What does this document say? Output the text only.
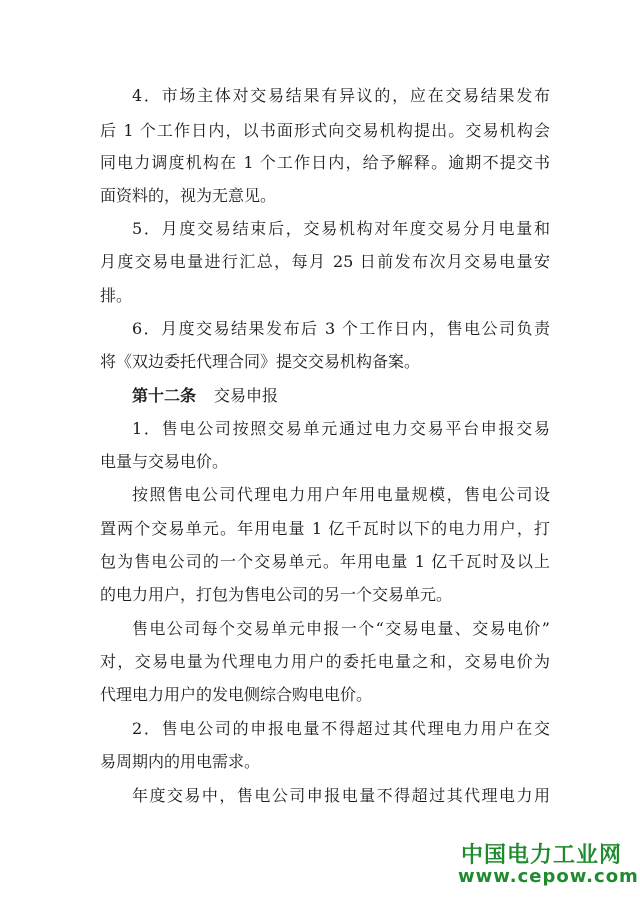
4．市场主体对交易结果有异议的，应在交易结果发布
后 1 个工作日内，以书面形式向交易机构提出。交易机构会
同电力调度机构在 1 个工作日内，给予解释。逾期不提交书
面资料的，视为无意见。
5．月度交易结束后，交易机构对年度交易分月电量和
月度交易电量进行汇总，每月 25 日前发布次月交易电量安
排。
6．月度交易结果发布后 3 个工作日内，售电公司负责
将《双边委托代理合同》提交交易机构备案。
第十二条 交易申报
1．售电公司按照交易单元通过电力交易平台申报交易
电量与交易电价。
按照售电公司代理电力用户年用电量规模，售电公司设
置两个交易单元。年用电量 1 亿千瓦时以下的电力用户，打
包为售电公司的一个交易单元。年用电量 1 亿千瓦时及以上
的电力用户，打包为售电公司的另一个交易单元。
售电公司每个交易单元申报一个“交易电量、交易电价”
对，交易电量为代理电力用户的委托电量之和，交易电价为
代理电力用户的发电侧综合购电电价。
2．售电公司的申报电量不得超过其代理电力用户在交
易周期内的用电需求。
年度交易中，售电公司申报电量不得超过其代理电力用
中国电力工业网
www.cepow.com
